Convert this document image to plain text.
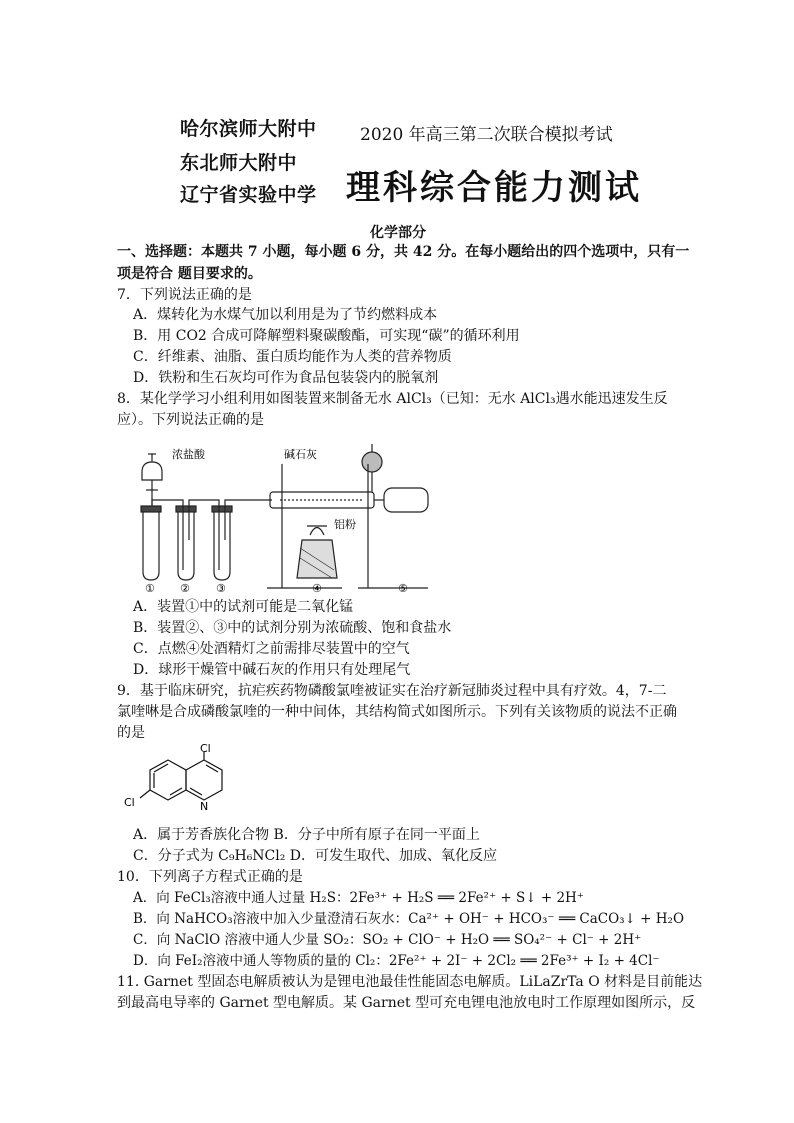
哈尔滨师大附中
东北师大附中
辽宁省实验中学
2020 年高三第二次联合模拟考试
理科综合能力测试
化学部分
一、选择题：本题共 7 小题，每小题 6 分，共 42 分。在每小题给出的四个选项中，只有一
项是符合 题目要求的。
7．下列说法正确的是
A．煤转化为水煤气加以利用是为了节约燃料成本
B．用 CO2 合成可降解塑料聚碳酸酯，可实现“碳”的循环利用
C．纤维素、油脂、蛋白质均能作为人类的营养物质
D．铁粉和生石灰均可作为食品包装袋内的脱氧剂
8．某化学学习小组利用如图装置来制备无水 AlCl₃（已知：无水 AlCl₃遇水能迅速发生反
应）。下列说法正确的是
浓盐酸	碱石灰
铝粉
① ② ③	④	⑤
A．装置①中的试剂可能是二氧化锰
B．装置②、③中的试剂分别为浓硫酸、饱和食盐水
C．点燃④处酒精灯之前需排尽装置中的空气
D．球形干燥管中碱石灰的作用只有处理尾气
9．基于临床研究，抗疟疾药物磷酸氯喹被证实在治疗新冠肺炎过程中具有疗效。4，7-二
氯喹啉是合成磷酸氯喹的一种中间体，其结构简式如图所示。下列有关该物质的说法不正确
的是
Cl
Cl	N
A．属于芳香族化合物 B．分子中所有原子在同一平面上
C．分子式为 C₉H₆NCl₂ D．可发生取代、加成、氧化反应
10．下列离子方程式正确的是
A．向 FeCl₃溶液中通人过量 H₂S：2Fe³⁺ + H₂S ══ 2Fe²⁺ + S↓ + 2H⁺
B．向 NaHCO₃溶液中加入少量澄清石灰水：Ca²⁺ + OH⁻ + HCO₃⁻ ══ CaCO₃↓ + H₂O
C．向 NaClO 溶液中通人少量 SO₂：SO₂ + ClO⁻ + H₂O ══ SO₄²⁻ + Cl⁻ + 2H⁺
D．向 FeI₂溶液中通人等物质的量的 Cl₂：2Fe²⁺ + 2I⁻ + 2Cl₂ ══ 2Fe³⁺ + I₂ + 4Cl⁻
11. Garnet 型固态电解质被认为是锂电池最佳性能固态电解质。LiLaZrTa O 材料是目前能达
到最高电导率的 Garnet 型电解质。某 Garnet 型可充电锂电池放电时工作原理如图所示，反
